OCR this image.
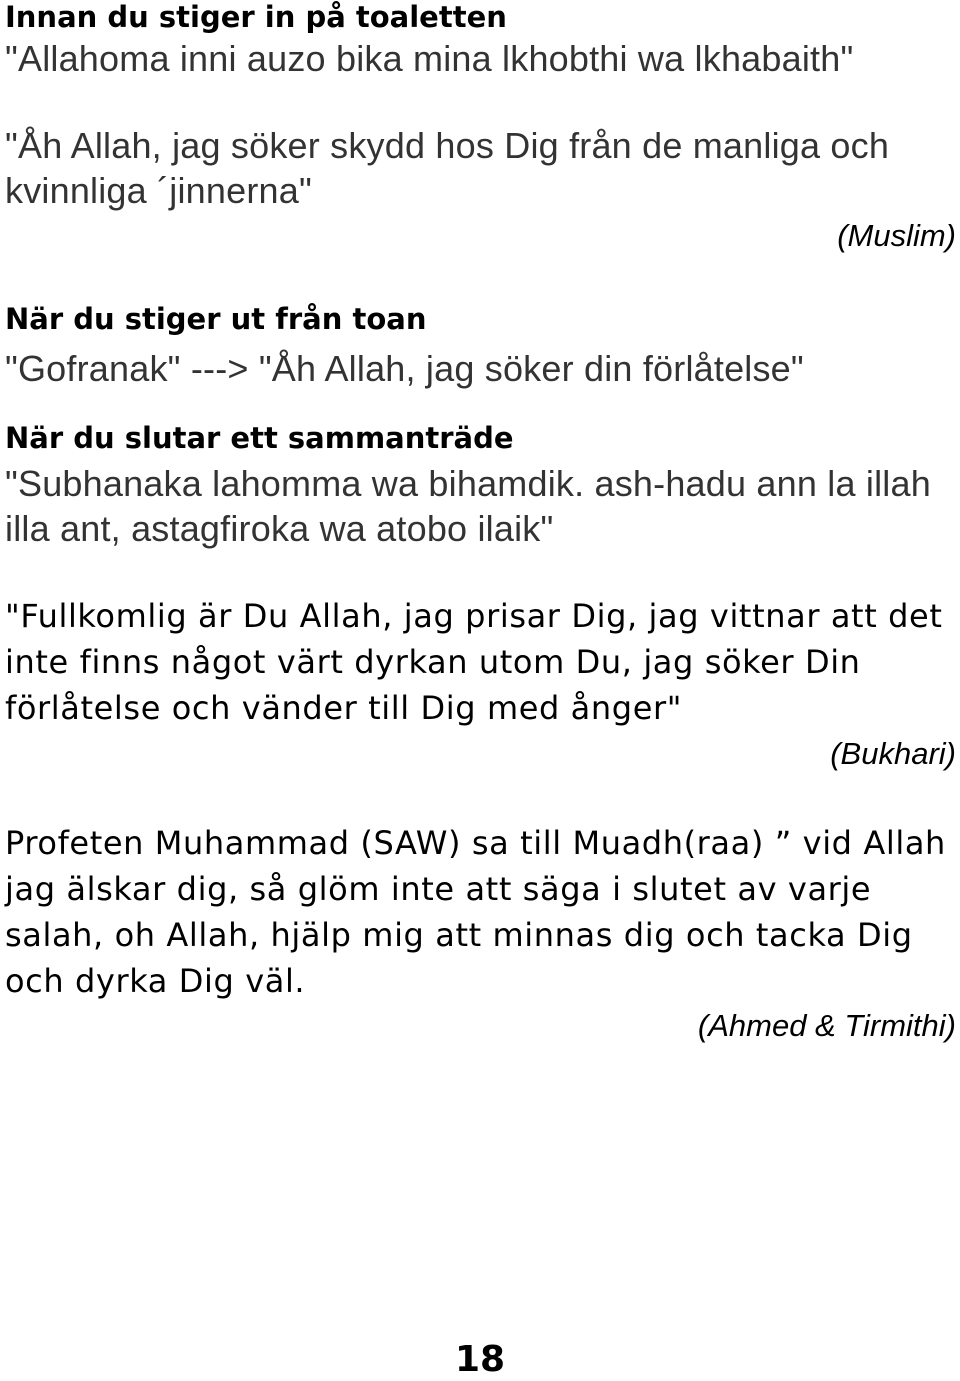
Innan du stiger in på toaletten
"Allahoma inni auzo bika mina lkhobthi wa lkhabaith"
"Åh Allah, jag söker skydd hos Dig från de manliga och kvinnliga ´jinnerna"
(Muslim)
När du stiger ut från toan
"Gofranak" ---> "Åh Allah, jag söker din förlåtelse"
När du slutar ett sammanträde
"Subhanaka lahomma wa bihamdik. ash-hadu ann la illah illa ant, astagfiroka wa atobo ilaik"
"Fullkomlig är Du Allah, jag prisar Dig, jag vittnar att det inte finns något värt dyrkan utom Du, jag söker Din förlåtelse och vänder till Dig med ånger"
(Bukhari)
Profeten Muhammad (SAW) sa till Muadh(raa) ” vid Allah jag älskar dig, så glöm inte att säga i slutet av varje salah, oh Allah, hjälp mig att minnas dig och tacka Dig och dyrka Dig väl.
(Ahmed & Tirmithi)
18
